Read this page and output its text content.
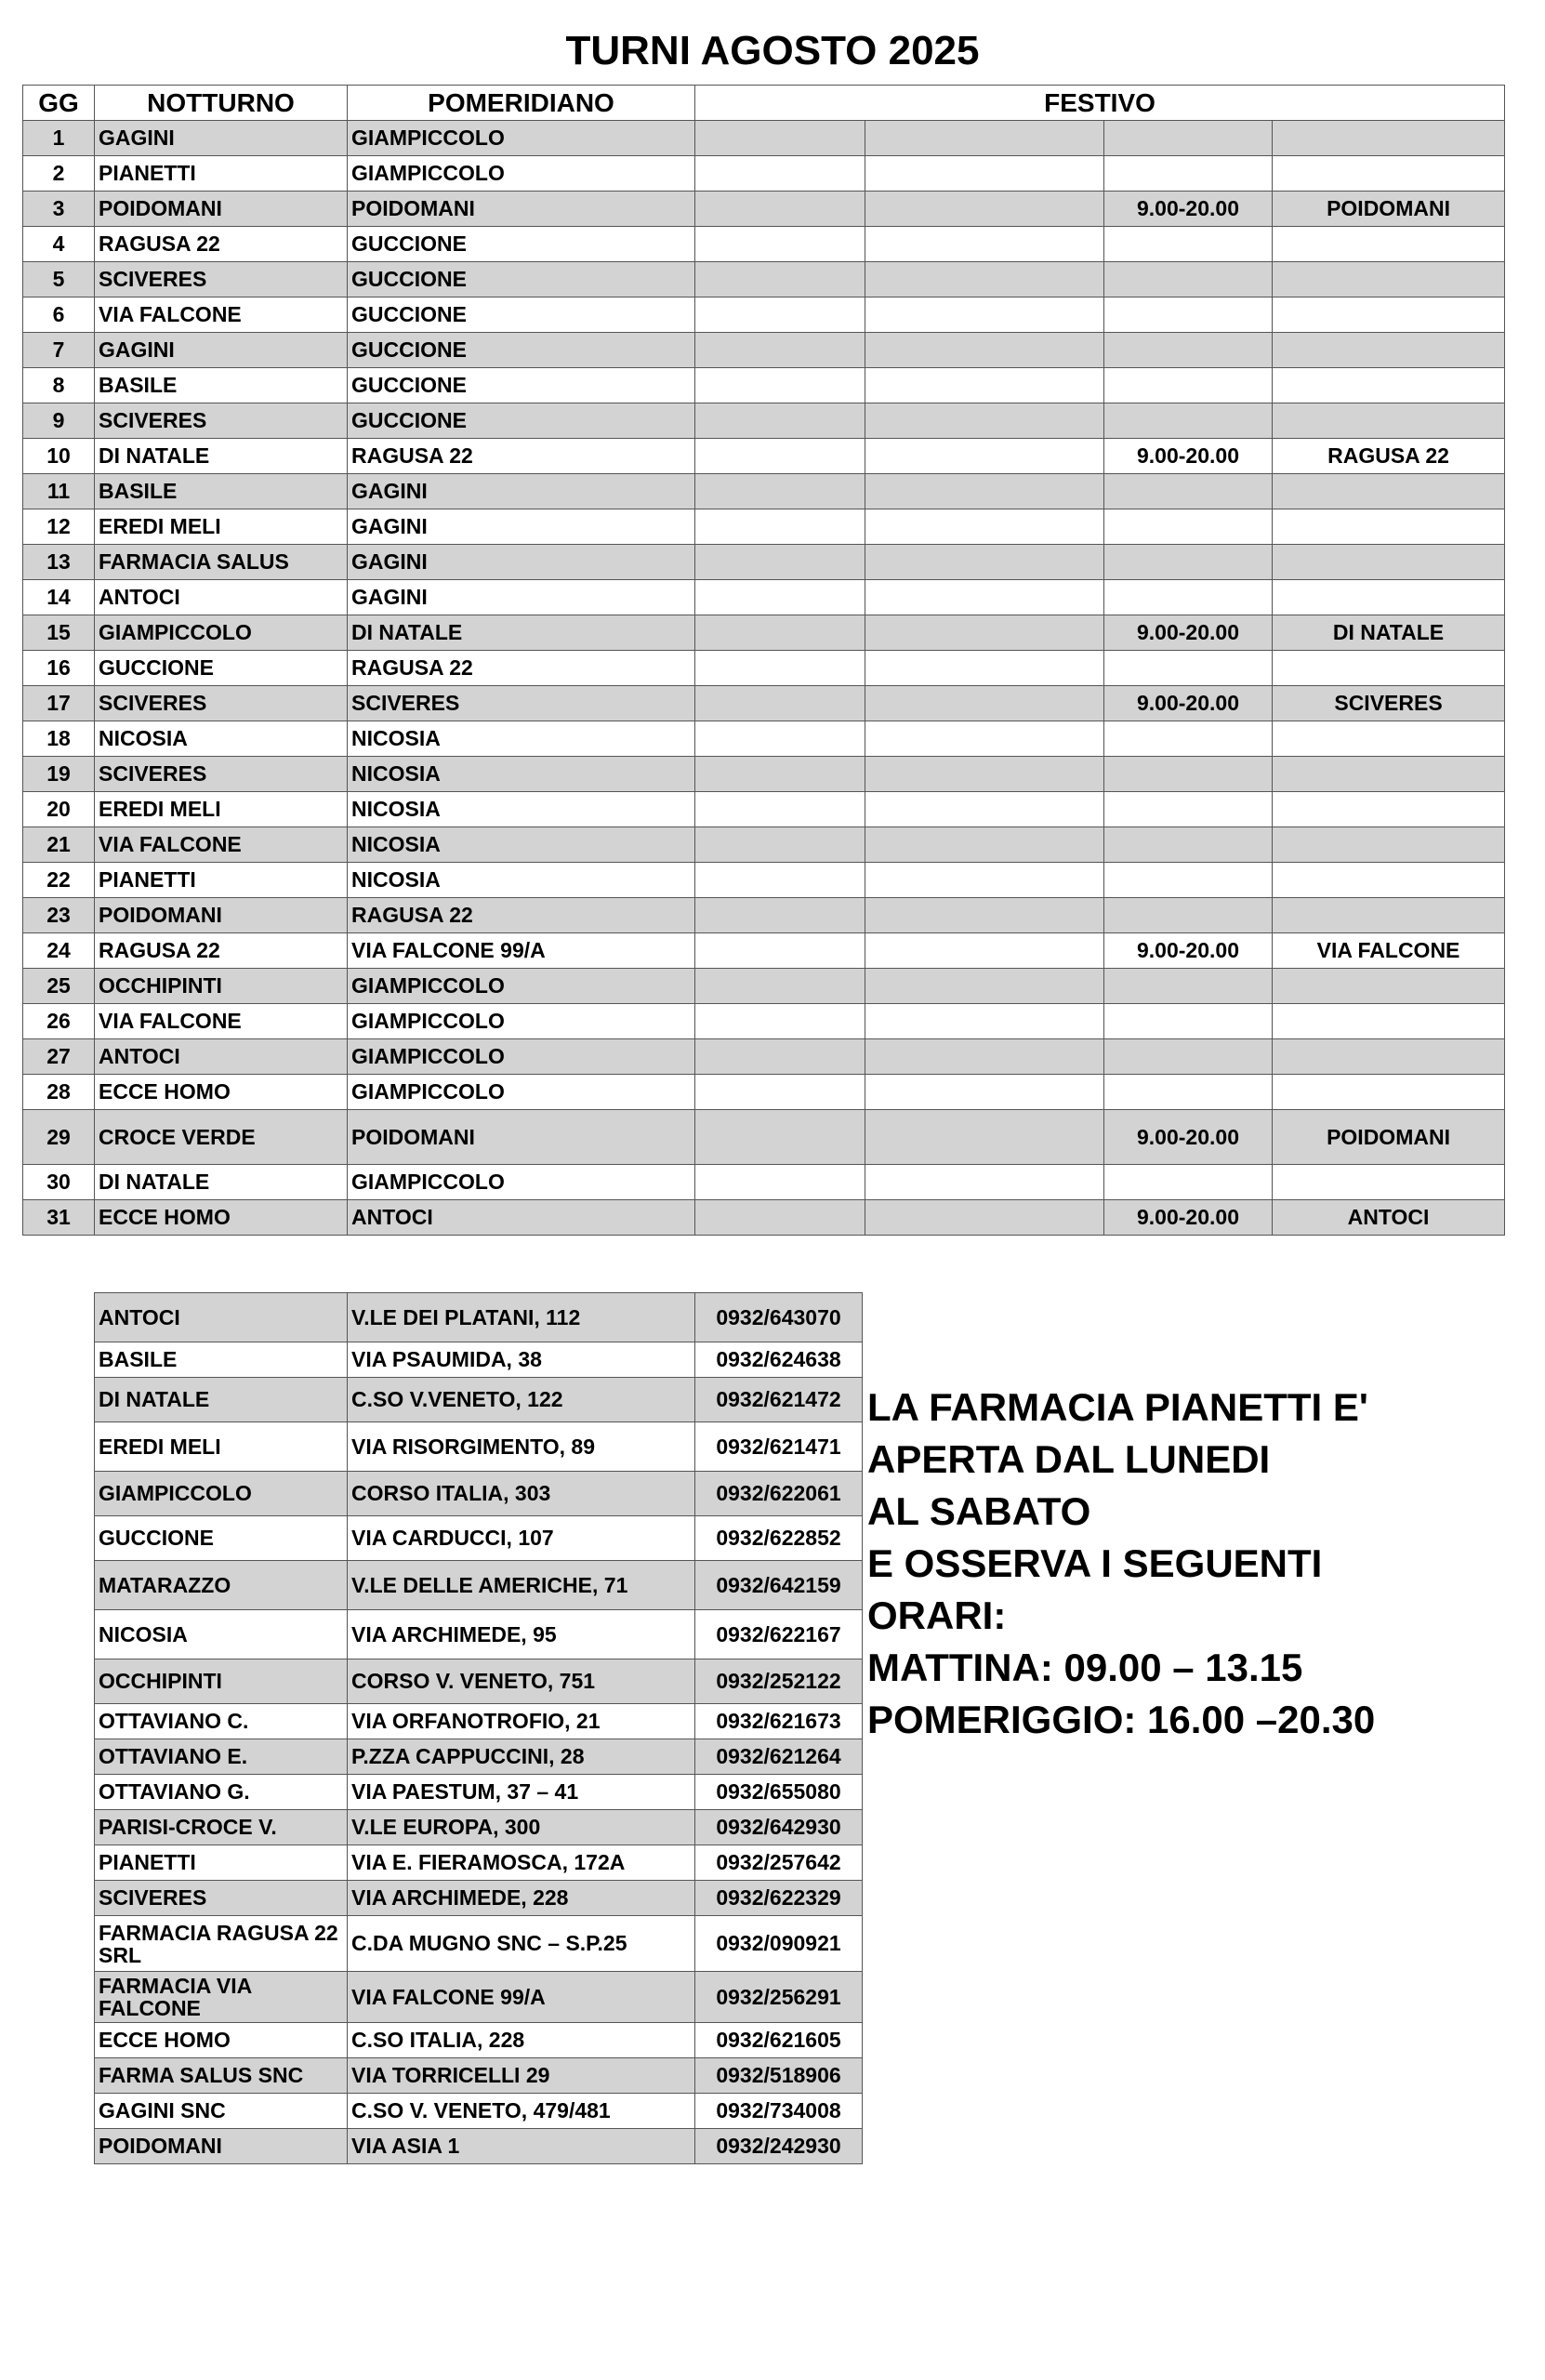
TURNI AGOSTO 2025
GG	NOTTURNO	POMERIDIANO	FESTIVO			
1	GAGINI	GIAMPICCOLO				
2	PIANETTI	GIAMPICCOLO				
3	POIDOMANI	POIDOMANI			9.00-20.00	POIDOMANI
4	RAGUSA 22	GUCCIONE				
5	SCIVERES	GUCCIONE				
6	VIA FALCONE	GUCCIONE				
7	GAGINI	GUCCIONE				
8	BASILE	GUCCIONE				
9	SCIVERES	GUCCIONE				
10	DI NATALE	RAGUSA 22			9.00-20.00	RAGUSA 22
11	BASILE	GAGINI				
12	EREDI MELI	GAGINI				
13	FARMACIA SALUS	GAGINI				
14	ANTOCI	GAGINI				
15	GIAMPICCOLO	DI NATALE			9.00-20.00	DI NATALE
16	GUCCIONE	RAGUSA 22				
17	SCIVERES	SCIVERES			9.00-20.00	SCIVERES
18	NICOSIA	NICOSIA				
19	SCIVERES	NICOSIA				
20	EREDI MELI	NICOSIA				
21	VIA FALCONE	NICOSIA				
22	PIANETTI	NICOSIA				
23	POIDOMANI	RAGUSA 22				
24	RAGUSA 22	VIA FALCONE 99/A			9.00-20.00	VIA FALCONE
25	OCCHIPINTI	GIAMPICCOLO				
26	VIA FALCONE	GIAMPICCOLO				
27	ANTOCI	GIAMPICCOLO				
28	ECCE HOMO	GIAMPICCOLO				
29	CROCE VERDE	POIDOMANI			9.00-20.00	POIDOMANI
30	DI NATALE	GIAMPICCOLO				
31	ECCE HOMO	ANTOCI			9.00-20.00	ANTOCI
ANTOCI	V.LE DEI PLATANI, 112	0932/643070
BASILE	VIA PSAUMIDA, 38	0932/624638
DI NATALE	C.SO V.VENETO, 122	0932/621472
EREDI MELI	VIA RISORGIMENTO, 89	0932/621471
GIAMPICCOLO	CORSO ITALIA, 303	0932/622061
GUCCIONE	VIA CARDUCCI, 107	0932/622852
MATARAZZO	V.LE DELLE AMERICHE, 71	0932/642159
NICOSIA	VIA ARCHIMEDE, 95	0932/622167
OCCHIPINTI	CORSO V. VENETO, 751	0932/252122
OTTAVIANO C.	VIA ORFANOTROFIO, 21	0932/621673
OTTAVIANO E.	P.ZZA CAPPUCCINI, 28	0932/621264
OTTAVIANO G.	VIA PAESTUM, 37 – 41	0932/655080
PARISI-CROCE V.	V.LE EUROPA, 300	0932/642930
PIANETTI	VIA E. FIERAMOSCA, 172A	0932/257642
SCIVERES	VIA ARCHIMEDE, 228	0932/622329
FARMACIA RAGUSA 22 SRL	C.DA MUGNO SNC – S.P.25	0932/090921
FARMACIA VIA FALCONE	VIA FALCONE 99/A	0932/256291
ECCE HOMO	C.SO ITALIA, 228	0932/621605
FARMA SALUS SNC	VIA TORRICELLI 29	0932/518906
GAGINI SNC	C.SO V. VENETO, 479/481	0932/734008
POIDOMANI	VIA ASIA 1	0932/242930
LA FARMACIA PIANETTI E'
APERTA DAL LUNEDI
AL SABATO
E OSSERVA I SEGUENTI
ORARI:
MATTINA: 09.00 – 13.15
POMERIGGIO: 16.00 –20.30
